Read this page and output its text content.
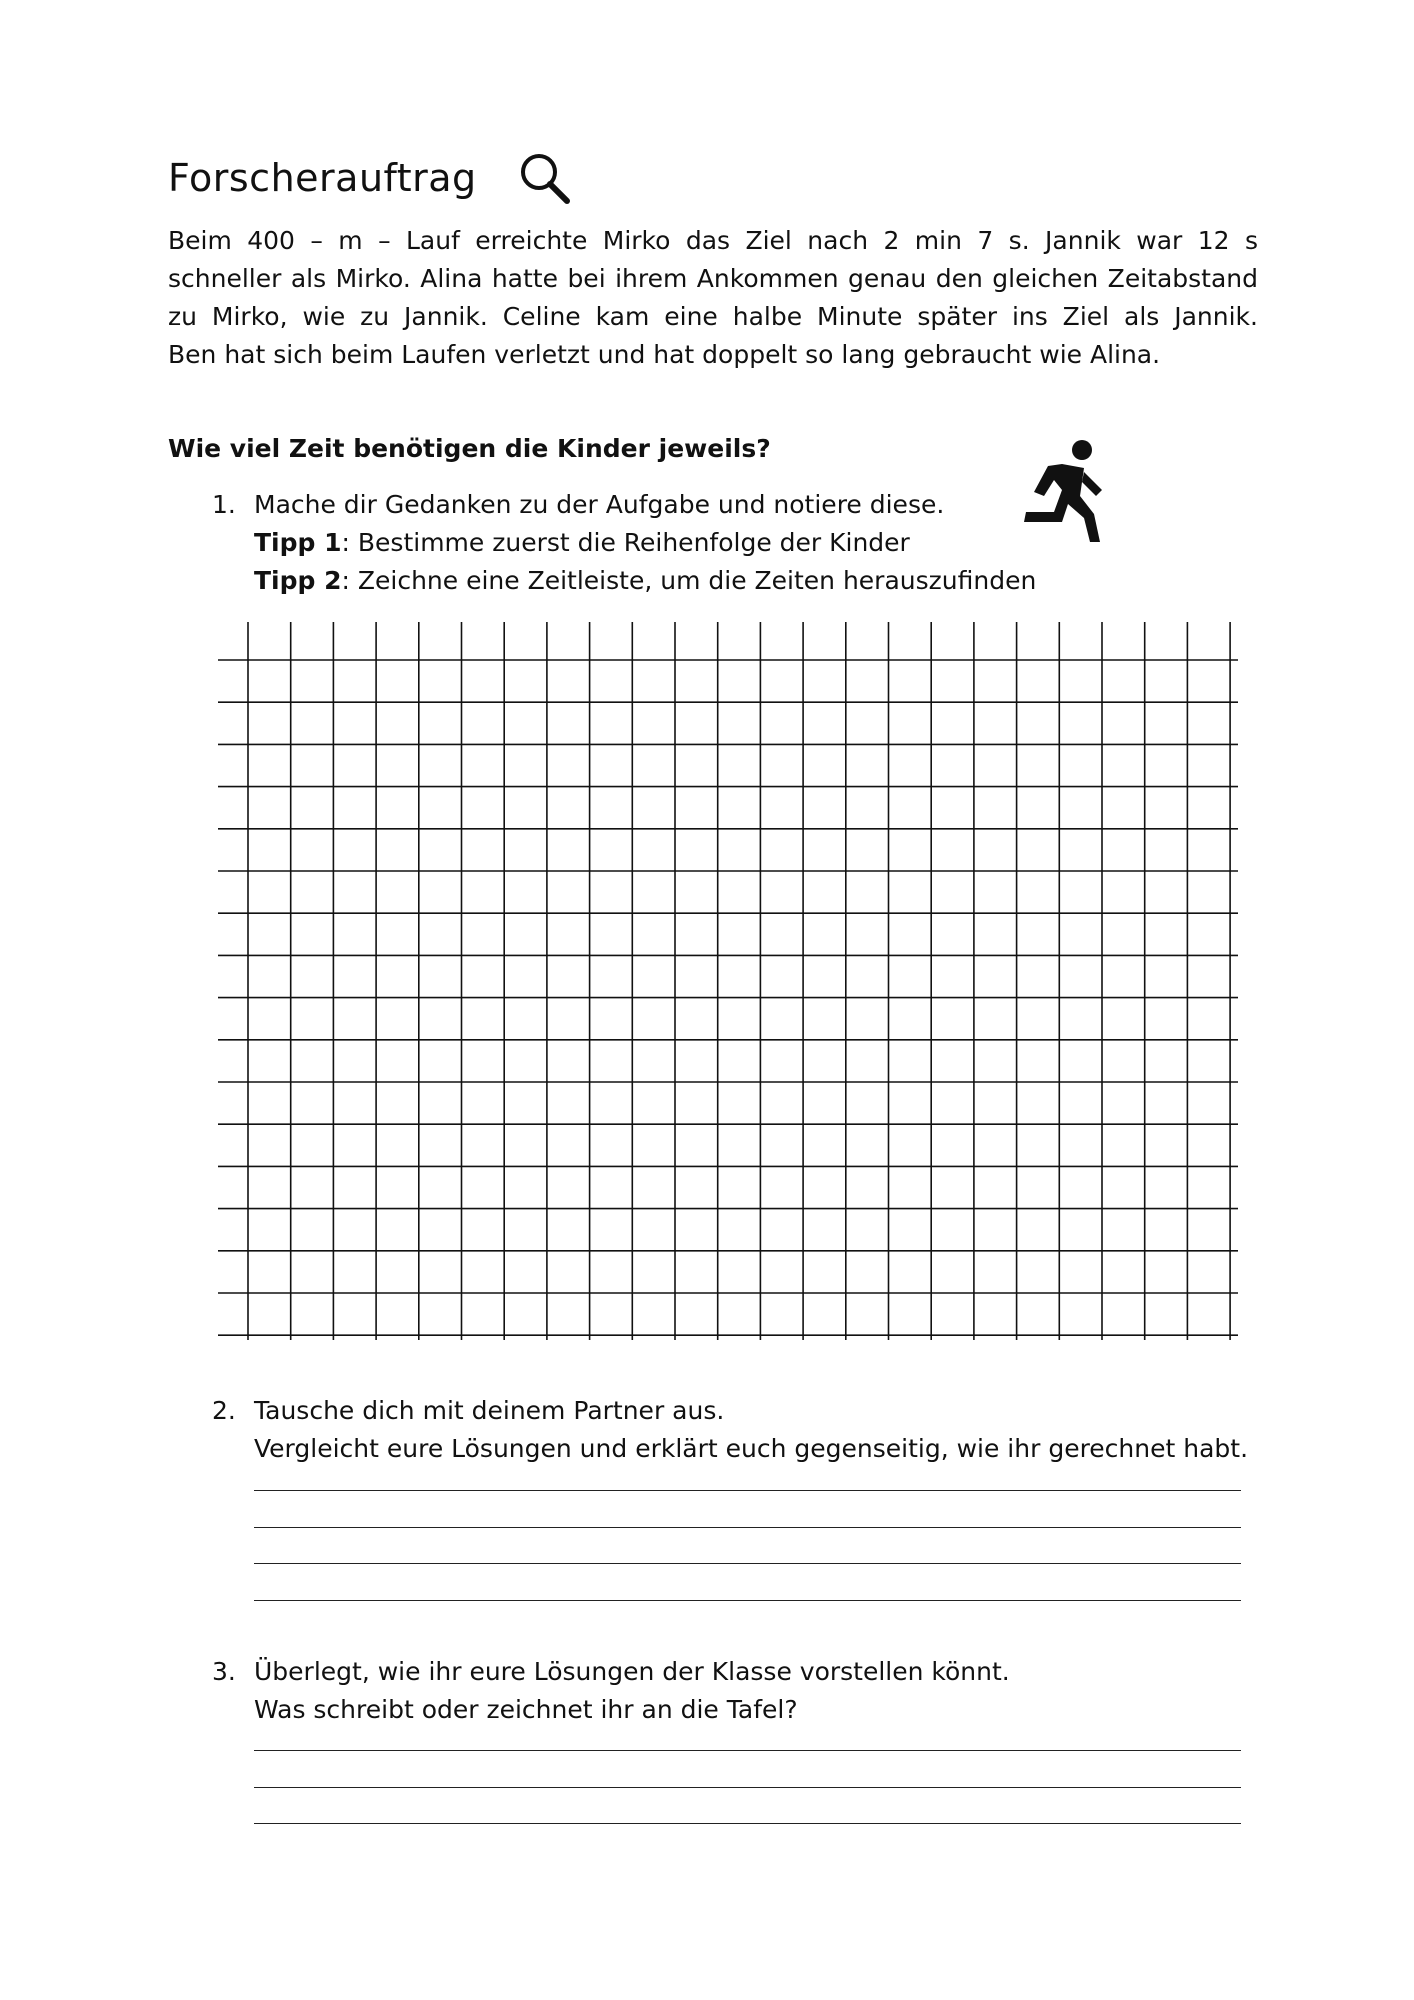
Forscherauftrag
Beim 400 – m – Lauf erreichte Mirko das Ziel nach 2 min 7 s. Jannik war 12 s
schneller als Mirko. Alina hatte bei ihrem Ankommen genau den gleichen Zeitabstand
zu Mirko, wie zu Jannik. Celine kam eine halbe Minute später ins Ziel als Jannik.
Ben hat sich beim Laufen verletzt und hat doppelt so lang gebraucht wie Alina.
Wie viel Zeit benötigen die Kinder jeweils?
1. Mache dir Gedanken zu der Aufgabe und notiere diese.
Tipp 1: Bestimme zuerst die Reihenfolge der Kinder
Tipp 2: Zeichne eine Zeitleiste, um die Zeiten herauszufinden
2. Tausche dich mit deinem Partner aus.
Vergleicht eure Lösungen und erklärt euch gegenseitig, wie ihr gerechnet habt.
3. Überlegt, wie ihr eure Lösungen der Klasse vorstellen könnt.
Was schreibt oder zeichnet ihr an die Tafel?
